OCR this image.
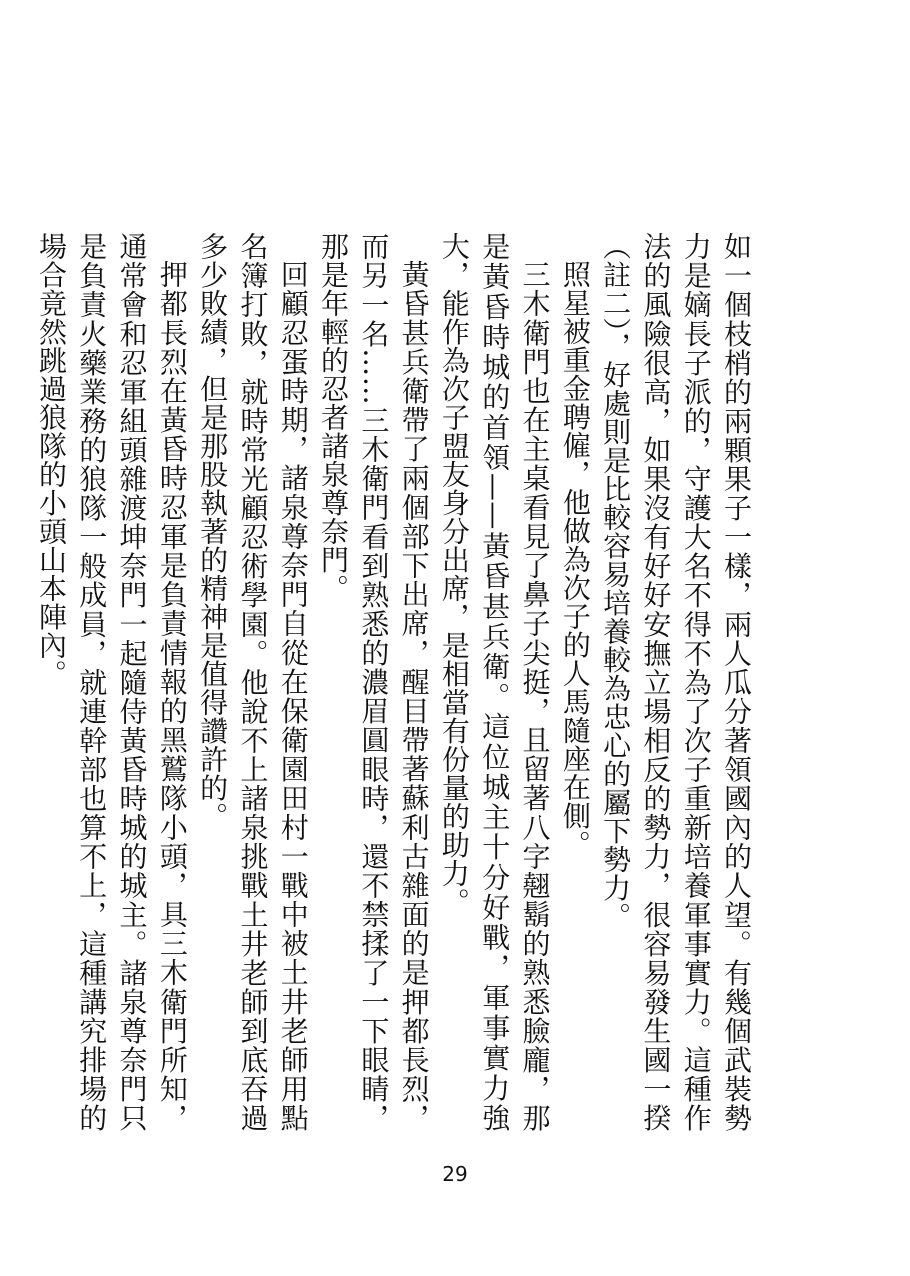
如一個枝梢的兩顆果子一樣，兩人瓜分著領國內的人望。有幾個武裝勢力是嫡長子派的，守護大名不得不為了次子重新培養軍事實力。這種作法的風險很高，如果沒有好好安撫立場相反的勢力，很容易發生國一揆（註二），好處則是比較容易培養較為忠心的屬下勢力。

照星被重金聘僱，他做為次子的人馬隨座在側。

三木衛門也在主桌看見了鼻子尖挺，且留著八字翹鬍的熟悉臉龐，那是黃昏時城的首領——黃昏甚兵衛。這位城主十分好戰，軍事實力強大，能作為次子盟友身分出席，是相當有份量的助力。

黃昏甚兵衛帶了兩個部下出席，醒目帶著蘇利古雜面的是押都長烈，而另一名……三木衛門看到熟悉的濃眉圓眼時，還不禁揉了一下眼睛，那是年輕的忍者諸泉尊奈門。

回顧忍蛋時期，諸泉尊奈門自從在保衛園田村一戰中被土井老師用點名簿打敗，就時常光顧忍術學園。他說不上諸泉挑戰土井老師到底吞過多少敗績，但是那股執著的精神是值得讚許的。

押都長烈在黃昏時忍軍是負責情報的黑鷲隊小頭，具三木衛門所知，通常會和忍軍組頭雜渡坤奈門一起隨侍黃昏時城的城主。諸泉尊奈門只是負責火藥業務的狼隊一般成員，就連幹部也算不上，這種講究排場的場合竟然跳過狼隊的小頭山本陣內。

29
